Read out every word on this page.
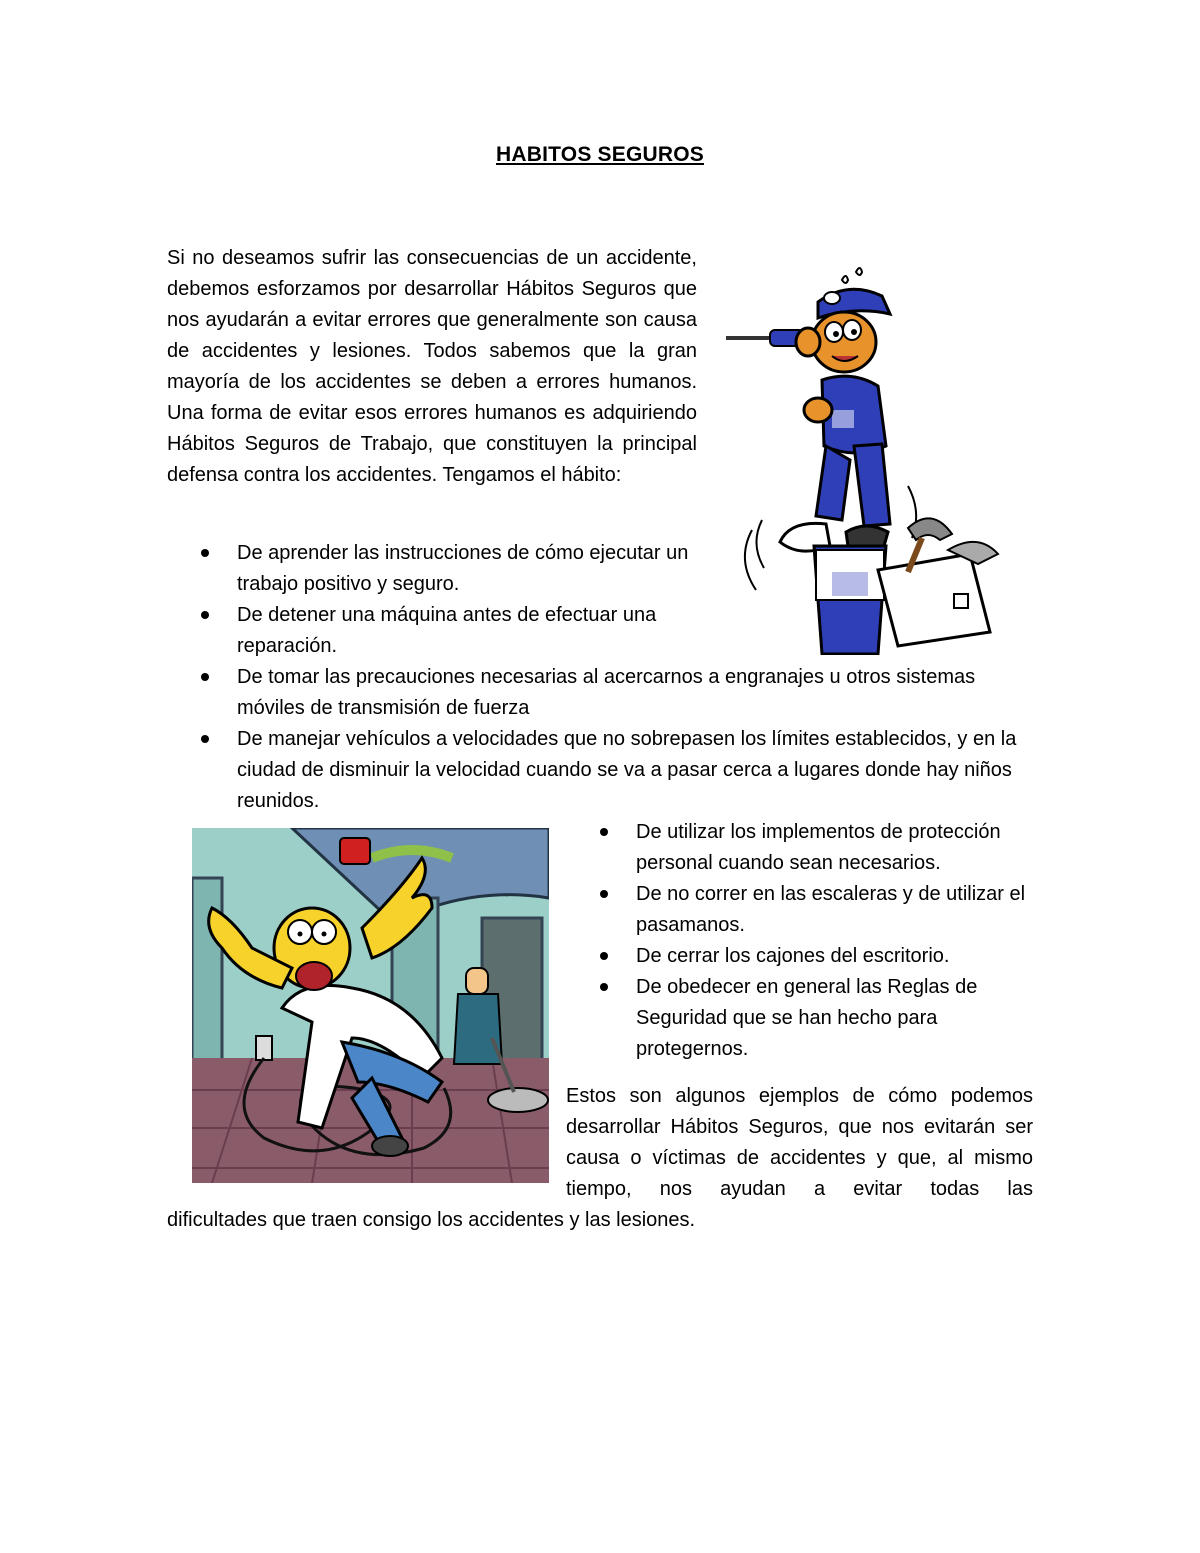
HABITOS SEGUROS

Si no deseamos sufrir las consecuencias de un accidente, debemos esforzamos por desarrollar Hábitos Seguros que nos ayudarán a evitar errores que generalmente son causa de accidentes y lesiones. Todos sabemos que la gran mayoría de los accidentes se deben a errores humanos. Una forma de evitar esos errores humanos es adquiriendo Hábitos Seguros de Trabajo, que constituyen la principal defensa contra los accidentes. Tengamos el hábito:

De aprender las instrucciones de cómo ejecutar un trabajo positivo y seguro.
De detener una máquina antes de efectuar una reparación.
De tomar las precauciones necesarias al acercarnos a engranajes u otros sistemas móviles de transmisión de fuerza
De manejar vehículos a velocidades que no sobrepasen los límites establecidos, y en la ciudad de disminuir la velocidad cuando se va a pasar cerca a lugares donde hay niños reunidos.
De utilizar los implementos de protección personal cuando sean necesarios.
De no correr en las escaleras y de utilizar el pasamanos.
De cerrar los cajones del escritorio.
De obedecer en general las Reglas de Seguridad que se han hecho para protegernos.

Estos son algunos ejemplos de cómo podemos desarrollar Hábitos Seguros, que nos evitarán ser causa o víctimas de accidentes y que, al mismo tiempo, nos ayudan a evitar todas las

dificultades que traen consigo los accidentes y las lesiones.
